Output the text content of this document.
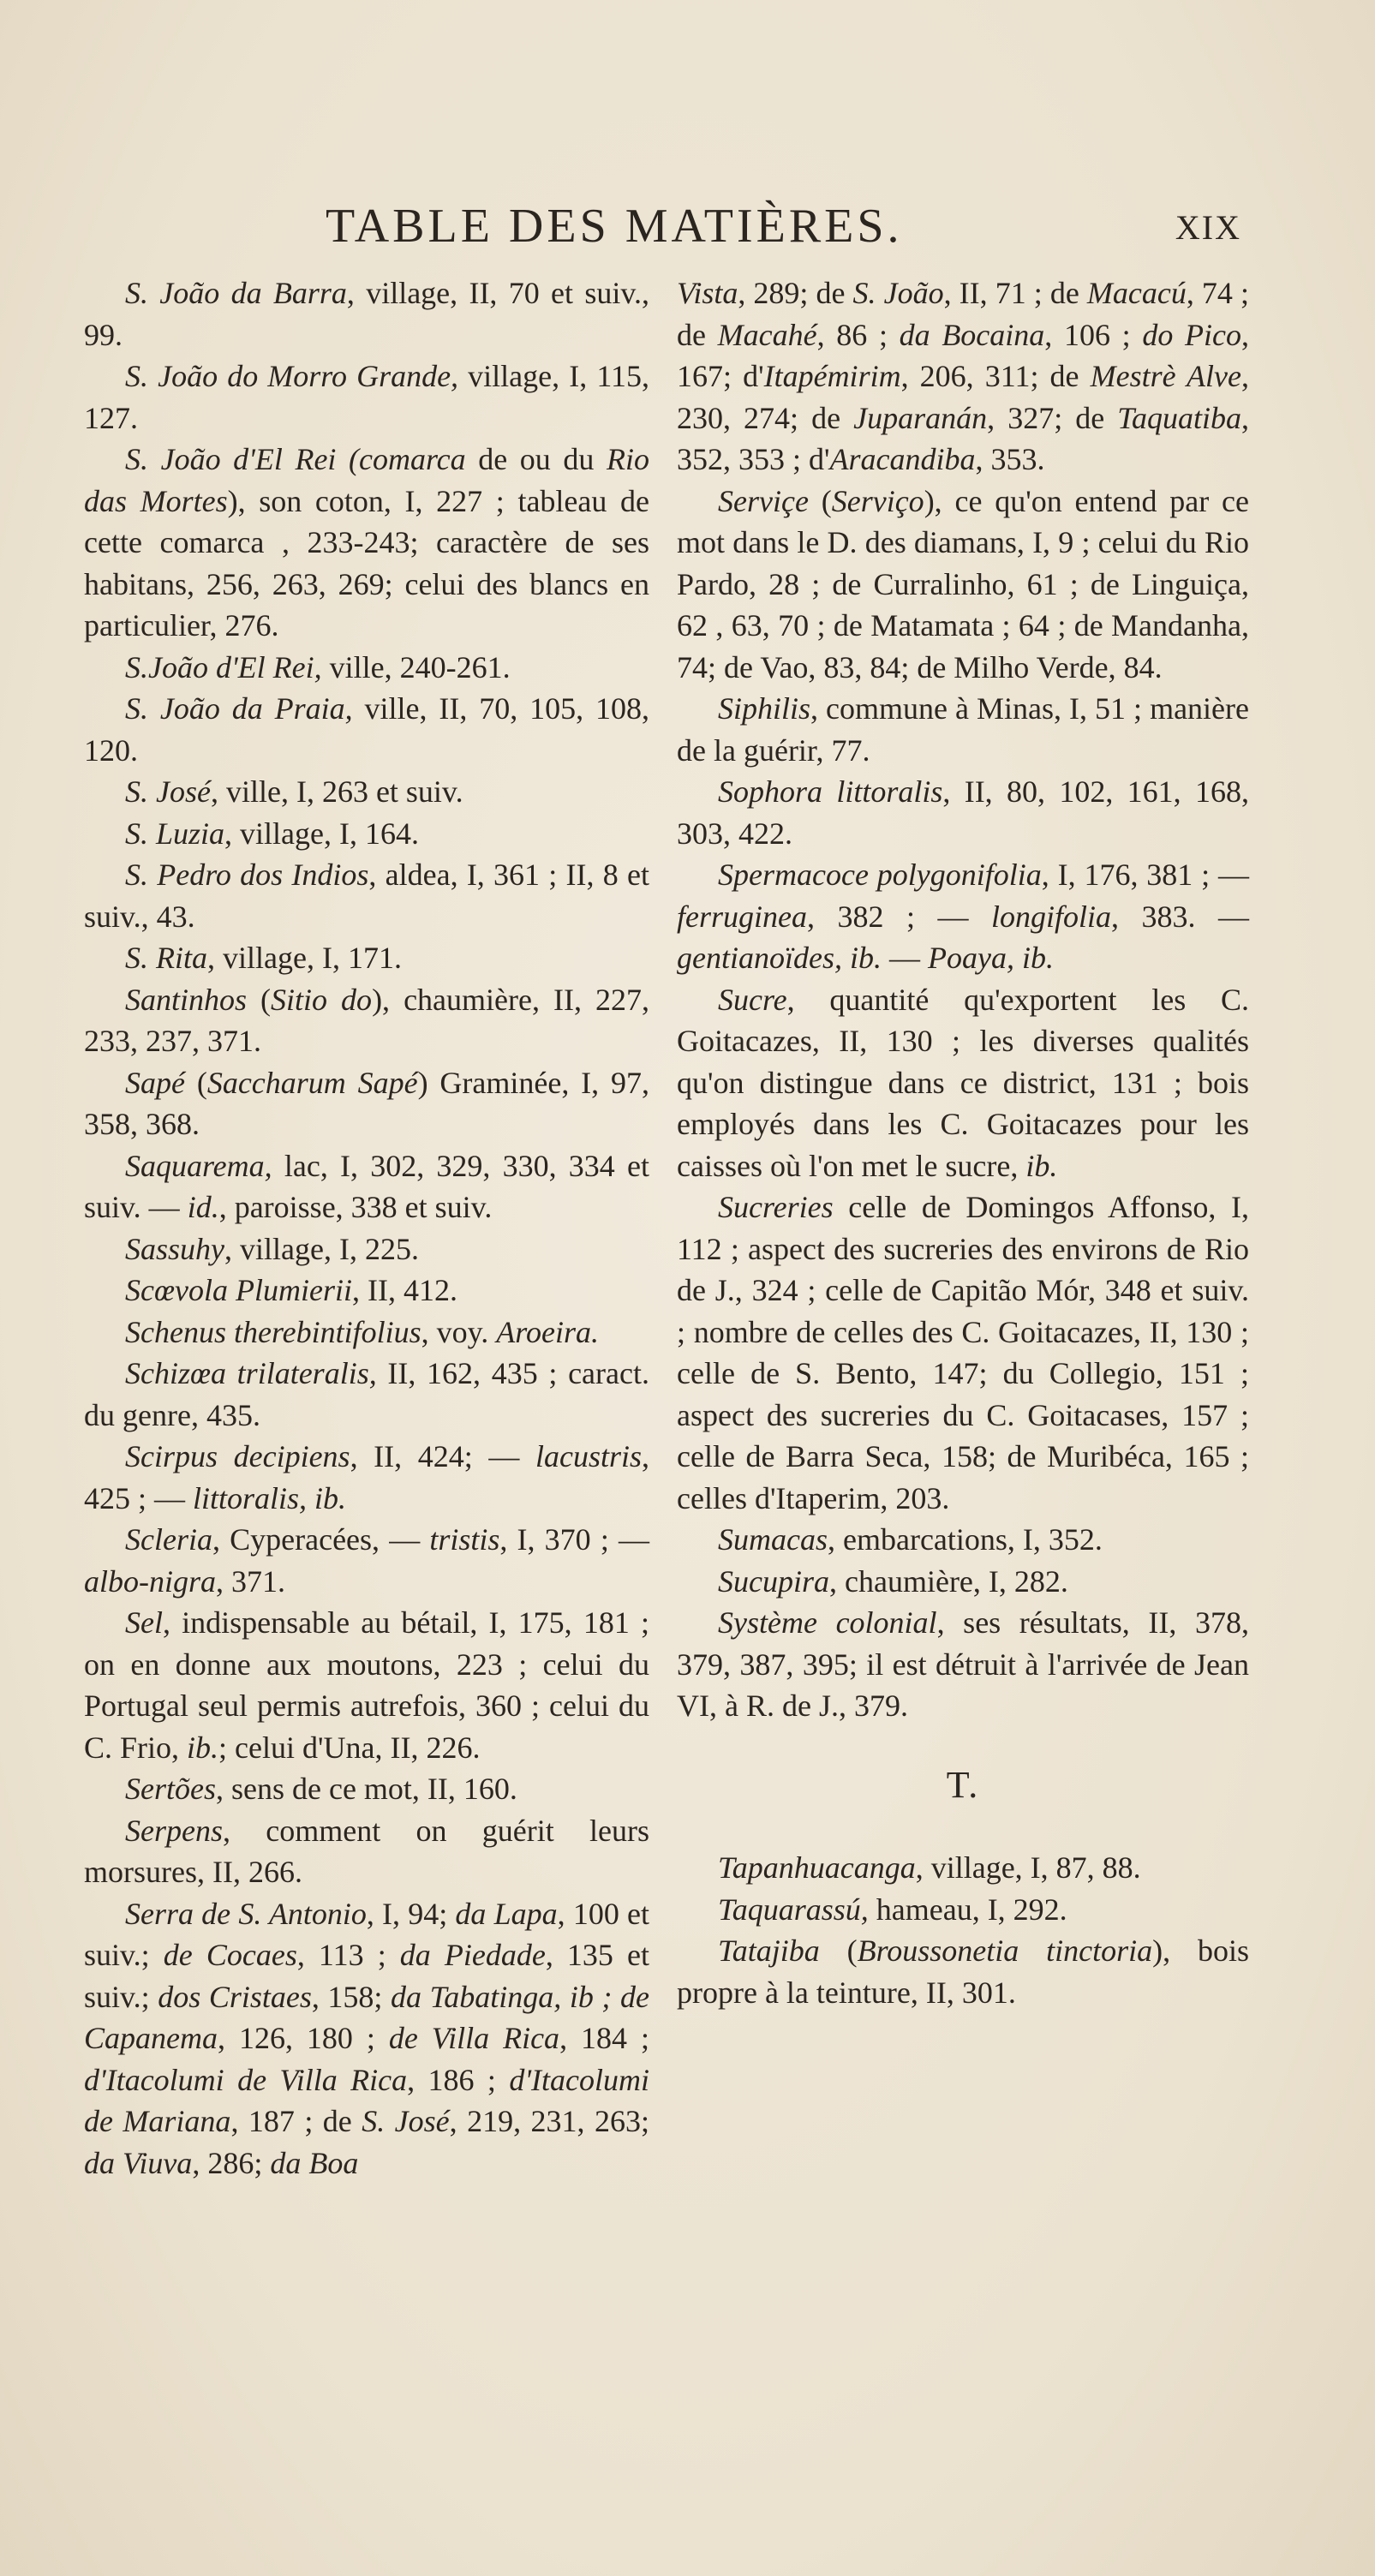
TABLE DES MATIÈRES.	XIX

S. João da Barra, village, II, 70 et suiv., 99.

S. João do Morro Grande, village, I, 115, 127.

S. João d'El Rei (comarca de ou du Rio das Mortes), son coton, I, 227 ; tableau de cette comarca , 233-243; caractère de ses habitans, 256, 263, 269; celui des blancs en particulier, 276.

S.João d'El Rei, ville, 240-261.

S. João da Praia, ville, II, 70, 105, 108, 120.

S. José, ville, I, 263 et suiv.

S. Luzia, village, I, 164.

S. Pedro dos Indios, aldea, I, 361 ; II, 8 et suiv., 43.

S. Rita, village, I, 171.

Santinhos (Sitio do), chaumière, II, 227, 233, 237, 371.

Sapé (Saccharum Sapé) Graminée, I, 97, 358, 368.

Saquarema, lac, I, 302, 329, 330, 334 et suiv. — id., paroisse, 338 et suiv.

Sassuhy, village, I, 225.

Scœvola Plumierii, II, 412.

Schenus therebintifolius, voy. Aroeira.

Schizœa trilateralis, II, 162, 435 ; caract. du genre, 435.

Scirpus decipiens, II, 424; — lacustris, 425 ; — littoralis, ib.

Scleria, Cyperacées, — tristis, I, 370 ; — albo-nigra, 371.

Sel, indispensable au bétail, I, 175, 181 ; on en donne aux moutons, 223 ; celui du Portugal seul permis autrefois, 360 ; celui du C. Frio, ib.; celui d'Una, II, 226.

Sertões, sens de ce mot, II, 160.

Serpens, comment on guérit leurs morsures, II, 266.

Serra de S. Antonio, I, 94; da Lapa, 100 et suiv.; de Cocaes, 113 ; da Piedade, 135 et suiv.; dos Cristaes, 158; da Tabatinga, ib ; de Capanema, 126, 180 ; de Villa Rica, 184 ; d'Itacolumi de Villa Rica, 186 ; d'Itacolumi de Mariana, 187 ; de S. José, 219, 231, 263; da Viuva, 286; da Boa

Vista, 289; de S. João, II, 71 ; de Macacú, 74 ; de Macahé, 86 ; da Bocaina, 106 ; do Pico, 167; d'Itapémirim, 206, 311; de Mestrè Alve, 230, 274; de Juparanán, 327; de Taquatiba, 352, 353 ; d'Aracandiba, 353.

Serviçe (Serviço), ce qu'on entend par ce mot dans le D. des diamans, I, 9 ; celui du Rio Pardo, 28 ; de Curralinho, 61 ; de Linguiça, 62 , 63, 70 ; de Matamata ; 64 ; de Mandanha, 74; de Vao, 83, 84; de Milho Verde, 84.

Siphilis, commune à Minas, I, 51 ; manière de la guérir, 77.

Sophora littoralis, II, 80, 102, 161, 168, 303, 422.

Spermacoce polygonifolia, I, 176, 381 ; — ferruginea, 382 ; — longifolia, 383. — gentianoïdes, ib. — Poaya, ib.

Sucre, quantité qu'exportent les C. Goitacazes, II, 130 ; les diverses qualités qu'on distingue dans ce district, 131 ; bois employés dans les C. Goitacazes pour les caisses où l'on met le sucre, ib.

Sucreries celle de Domingos Affonso, I, 112 ; aspect des sucreries des environs de Rio de J., 324 ; celle de Capitão Mór, 348 et suiv. ; nombre de celles des C. Goitacazes, II, 130 ; celle de S. Bento, 147; du Collegio, 151 ; aspect des sucreries du C. Goitacases, 157 ; celle de Barra Seca, 158; de Muribéca, 165 ; celles d'Itaperim, 203.

Sumacas, embarcations, I, 352.

Sucupira, chaumière, I, 282.

Système colonial, ses résultats, II, 378, 379, 387, 395; il est détruit à l'arrivée de Jean VI, à R. de J., 379.

T.

Tapanhuacanga, village, I, 87, 88.

Taquarassú, hameau, I, 292.

Tatajiba (Broussonetia tinctoria), bois propre à la teinture, II, 301.
